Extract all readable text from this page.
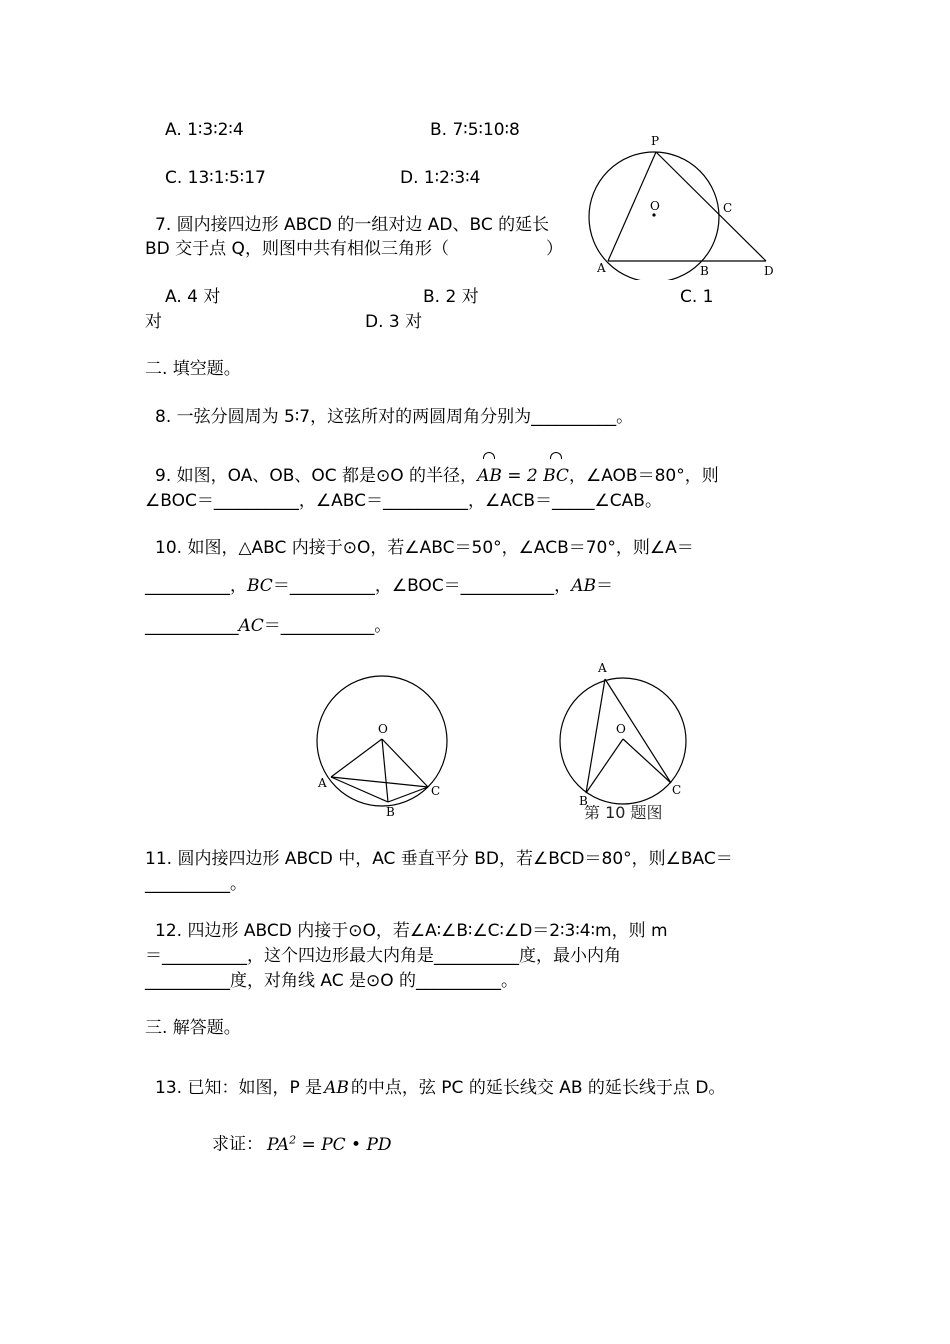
A. 1∶3∶2∶4	B. 7∶5∶10∶8
C. 13∶1∶5∶17	D. 1∶2∶3∶4
7. 圆内接四边形 ABCD 的一组对边 AD、BC 的延长
BD 交于点 Q，则图中共有相似三角形（	）
A. 4 对	B. 2 对	C. 1
对	D. 3 对
P
O	C
A	B	D
二. 填空题。
8. 一弦分圆周为 5∶7，这弦所对的两圆周角分别为__________。
9. 如图，OA、OB、OC 都是⊙O 的半径，
AB = 2
BC，∠AOB＝80°，则
∠BOC＝__________，∠ABC＝__________，∠ACB＝_____∠CAB。
10. 如图，△ABC 内接于⊙O，若∠ABC＝50°，∠ACB＝70°，则∠A＝
__________，
BC＝__________，∠BOC＝___________，
AB＝
___________
AC＝___________。
O
A
B
C
A
O
B
C
第 10 题图
11. 圆内接四边形 ABCD 中，AC 垂直平分 BD，若∠BCD＝80°，则∠BAC＝
__________。
12. 四边形 ABCD 内接于⊙O，若∠A∶∠B∶∠C∶∠D＝2∶3∶4∶m，则 m
＝__________，这个四边形最大内角是__________度，最小内角
__________度，对角线 AC 是⊙O 的__________。
三. 解答题。
13. 已知：如图，P 是 AB 的中点，弦 PC 的延长线交 AB 的延长线于点 D。
求证： $PA^2$ = PC • PD
